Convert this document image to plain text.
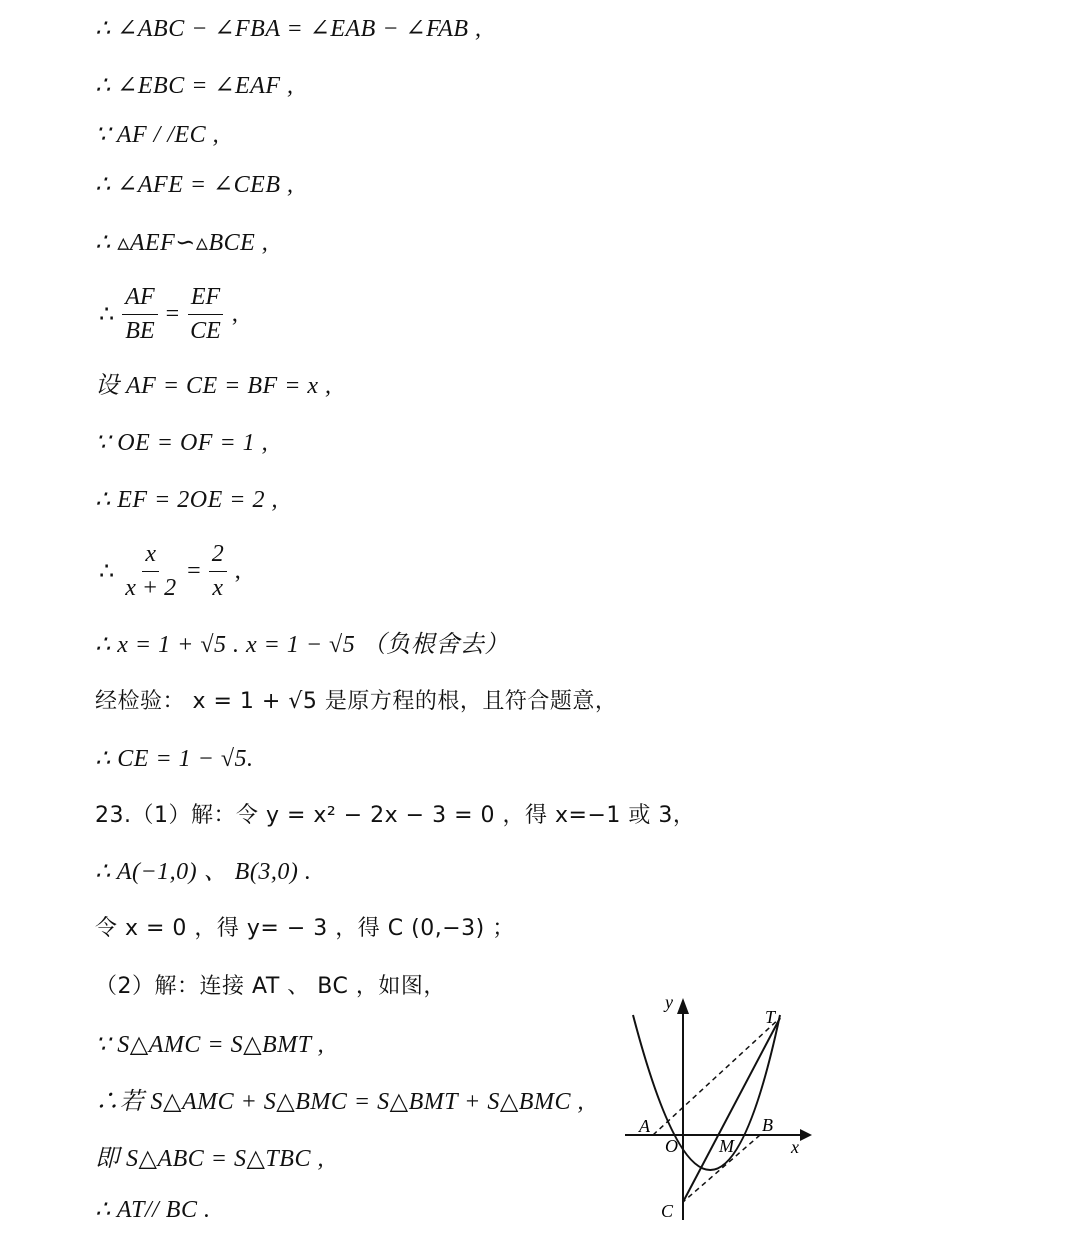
∴ ∠ABC − ∠FBA = ∠EAB − ∠FAB ,
∴ ∠EBC = ∠EAF ,
∵ AF / /EC ,
∴ ∠AFE = ∠CEB ,
∴ ▵AEF∽▵BCE ,
∴ $\frac{AF}{BE} = \frac{EF}{CE}$ ,
设 AF = CE = BF = x ,
∵ OE = OF = 1 ,
∴ EF = 2OE = 2 ,
∴ $\frac{x}{x + 2} = \frac{2}{x}$ ,
∴ x = 1 + √5 . x = 1 − √5 （负根舍去）
经检验： x = 1 + √5 是原方程的根，且符合题意，
∴ CE = 1 − √5.
23.（1）解：令 y = x² − 2x − 3 = 0 ，得 x=−1 或 3，
∴ A(−1,0) 、 B(3,0) .
令 x = 0 ，得 y= − 3 ，得 C (0,−3) ；
（2）解：连接 AT 、 BC ，如图，
∵ S△AMC = S△BMT ,
∴若 S△AMC + S△BMC = S△BMT + S△BMC ,
即 S△ABC = S△TBC ,
∴ AT// BC .
y
x
T
A
O M
B
C
